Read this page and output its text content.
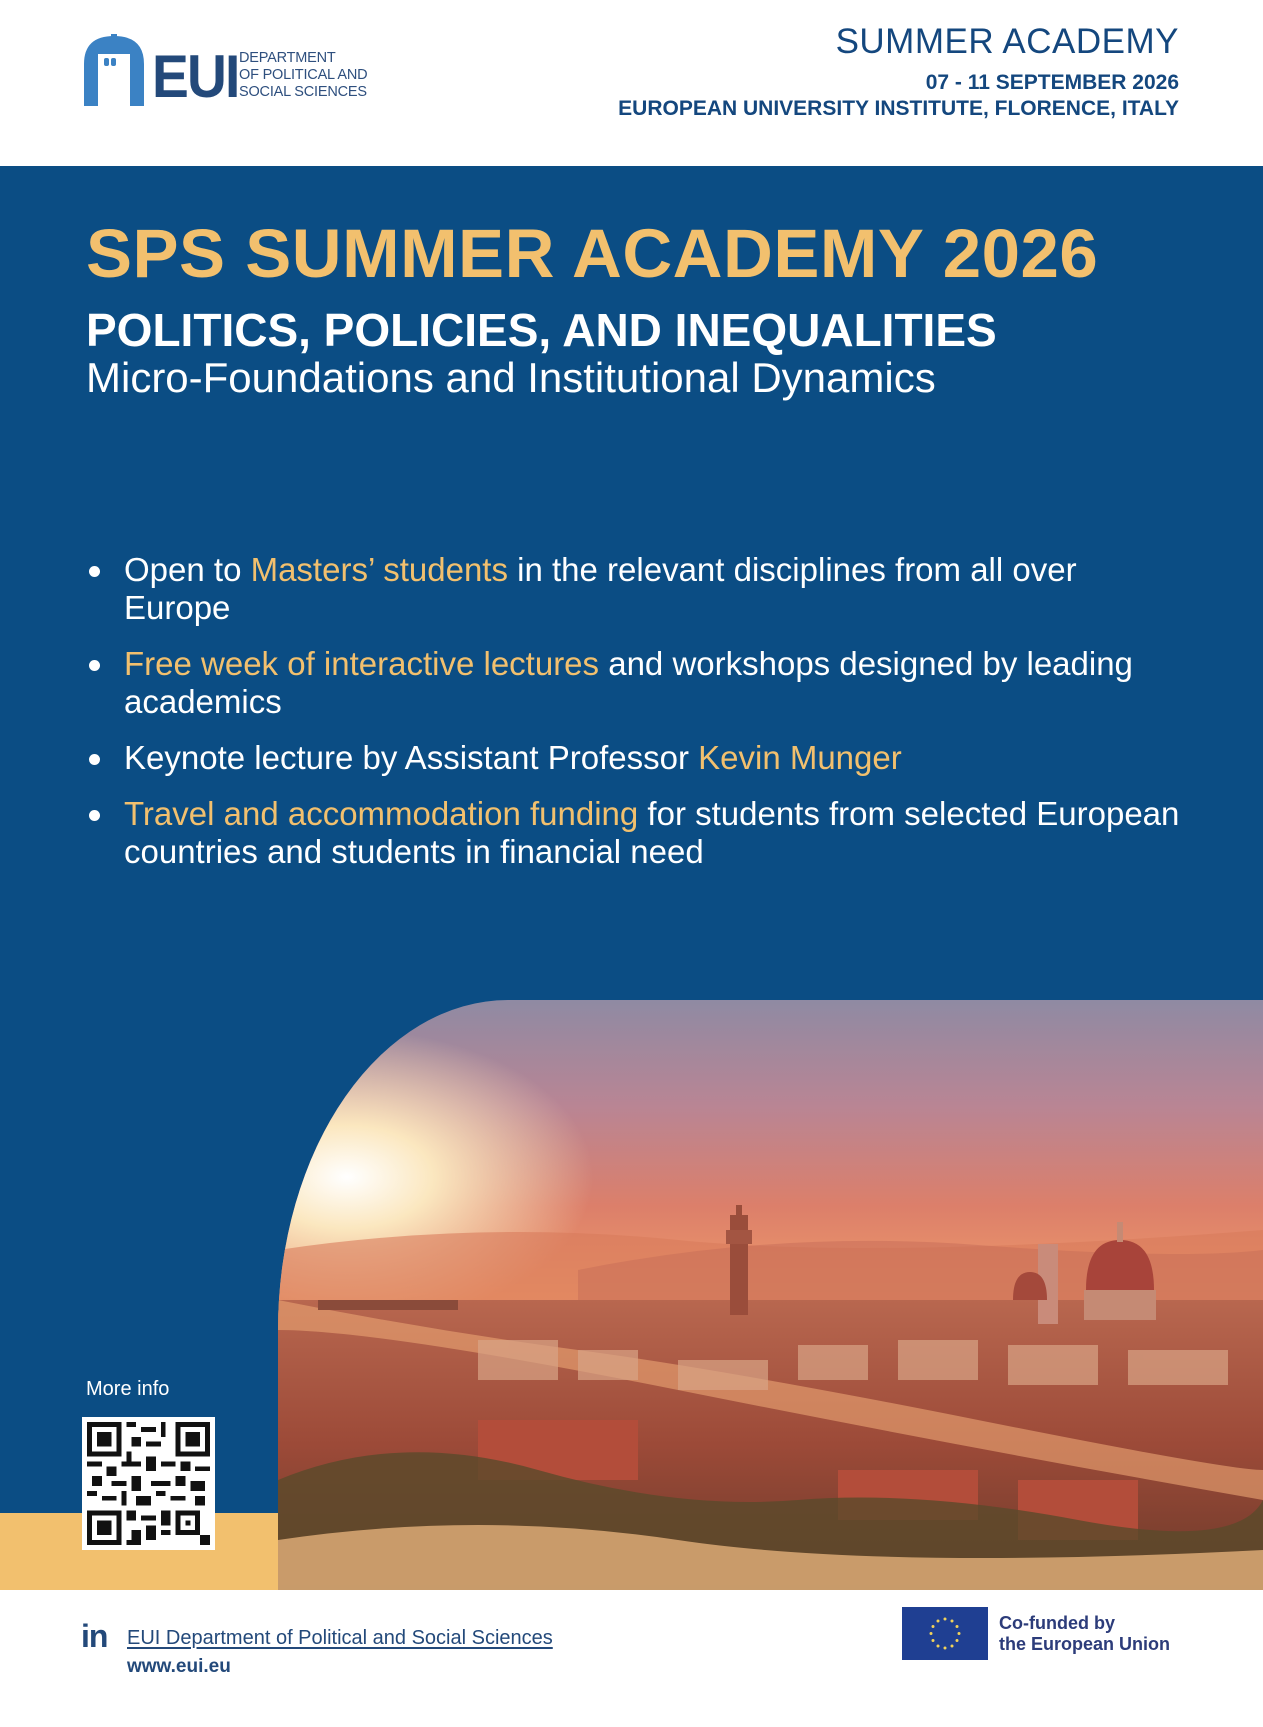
EUI DEPARTMENT
OF POLITICAL AND
SOCIAL SCIENCES
SUMMER ACADEMY
07 - 11 SEPTEMBER 2026
EUROPEAN UNIVERSITY INSTITUTE, FLORENCE, ITALY
SPS SUMMER ACADEMY 2026
POLITICS, POLICIES, AND INEQUALITIES
Micro-Foundations and Institutional Dynamics
Open to Masters’ students in the relevant disciplines from all over Europe
Free week of interactive lectures and workshops designed by leading academics
Keynote lecture by Assistant Professor Kevin Munger
Travel and accommodation funding for students from selected European countries and students in financial need
More info
in EUI Department of Political and Social Sciences
www.eui.eu
Co-funded by
the European Union
